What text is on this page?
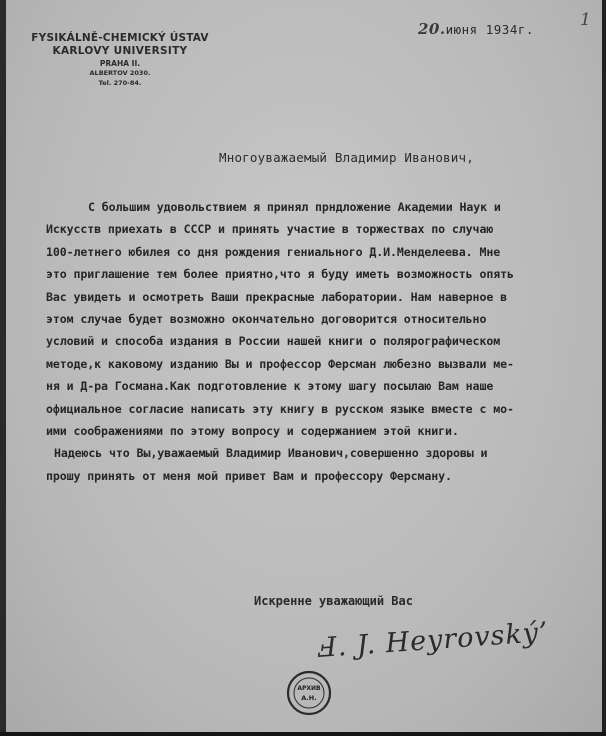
FYSIKÁLNĚ-CHEMICKÝ ÚSTAV
KARLOVY UNIVERSITY
PRAHA II.
ALBERTOV 2030.
Tel. 270-84.
20.июня 1934г.	1
Многоуважаемый Владимир Иванович,
С большим удовольствием я принял прндложение Академии Наук и
Искусств приехать в СССР и принять участие в торжествах по случаю
100-летнего юбилея со дня рождения гениального Д.И.Менделеева. Мне
это приглашение тем более приятно,что я буду иметь возможность опять
Вас увидеть и осмотреть Ваши прекрасные лаборатории. Нам наверное в
этом случае будет возможно окончательно договорится относительно
условий и способа издания в России нашей книги о полярографическом
методе,к каковому изданию Вы и профессор Ферсман любезно вызвали ме-
ня и Д-ра Госмана.Как подготовление к этому шагу посылаю Вам наше
официальное согласие написать эту книгу в русском языке вместе с мо-
ими соображениями по этому вопросу и содержанием этой книги.
Надеюсь что Вы,уважаемый Владимир Иванович,совершенно здоровы и
прошу принять от меня мой привет Вам и профессору Ферсману.
Искренне уважающий Вас
Ⅎ. J. Heyrovský’
АРХИВ
А.Н.
